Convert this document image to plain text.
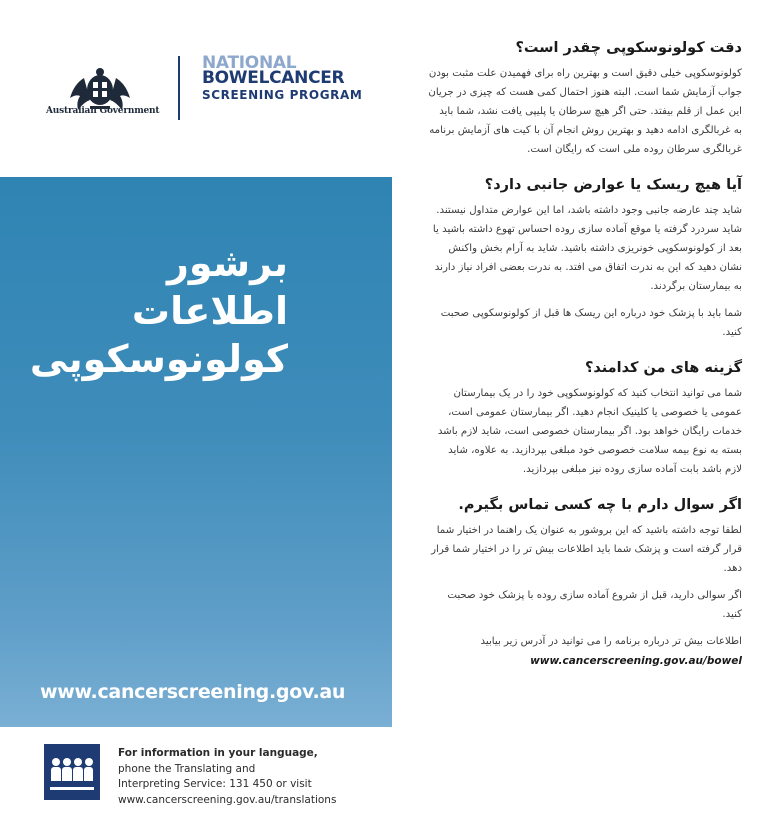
Australian Government
NATIONAL
BOWELCANCER
SCREENING PROGRAM
برشور
اطلاعات
کولونوسکوپی
www.cancerscreening.gov.au
For information in your language,
phone the Translating and
Interpreting Service: 131 450 or visit
www.cancerscreening.gov.au/translations
دقت کولونوسکوپی چقدر است؟

کولونوسکوپی خیلی دقیق است و بهترین راه برای فهمیدن علت مثبت بودن جواب آزمایش شما است. البته هنوز احتمال کمی هست که چیزی در جریان این عمل از قلم بیفتد. حتی اگر هیچ سرطان یا پلیپی یافت نشد، شما باید به غربالگری ادامه دهید و بهترین روش انجام آن با کیت های آزمایش برنامه غربالگری سرطان روده ملی است که رایگان است.

آیا هیچ ریسک یا عوارض جانبی دارد؟

شاید چند عارضه جانبی وجود داشته باشد، اما این عوارض متداول نیستند. شاید سردرد گرفته یا موقع آماده سازی روده احساس تهوع داشته باشید یا بعد از کولونوسکوپی خونریزی داشته باشید. شاید به آرام بخش واکنش نشان دهید که این به ندرت اتفاق می افتد. به ندرت بعضی افراد نیاز دارند به بیمارستان برگردند.

شما باید با پزشک خود درباره این ریسک ها قبل از کولونوسکوپی صحبت کنید.

گزینه های من کدامند؟

شما می توانید انتخاب کنید که کولونوسکوپی خود را در یک بیمارستان عمومی یا خصوصی یا کلینیک انجام دهید. اگر بیمارستان عمومی است، خدمات رایگان خواهد بود. اگر بیمارستان خصوصی است، شاید لازم باشد بسته به نوع بیمه سلامت خصوصی خود مبلغی بپردازید. به علاوه، شاید لازم باشد بابت آماده سازی روده نیز مبلغی بپردازید.

اگر سوال دارم با چه کسی تماس بگیرم.

لطفا توجه داشته باشید که این بروشور به عنوان یک راهنما در اختیار شما قرار گرفته است و پزشک شما باید اطلاعات بیش تر را در اختیار شما قرار دهد.

اگر سوالی دارید، قبل از شروع آماده سازی روده با پزشک خود صحبت کنید.

اطلاعات بیش تر درباره برنامه را می توانید در آدرس زیر بیابید

www.cancerscreening.gov.au/bowel
